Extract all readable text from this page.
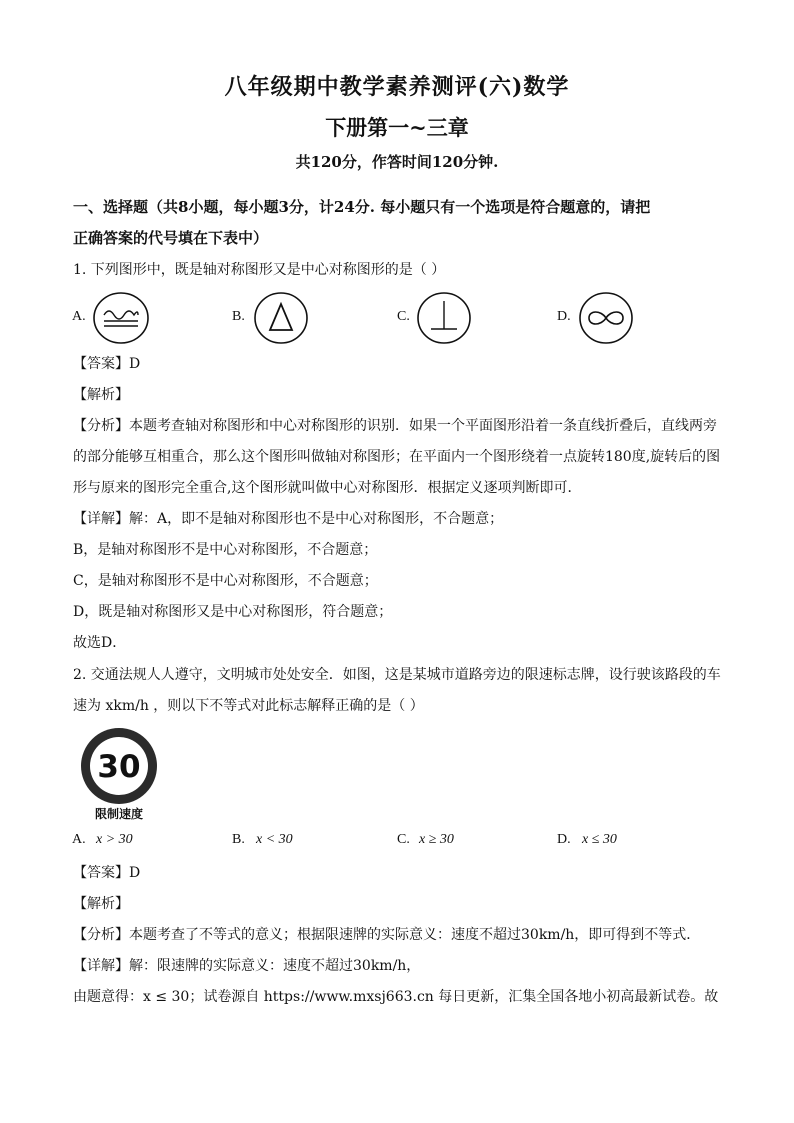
八年级期中教学素养测评(六)数学
下册第一~三章
共120分，作答时间120分钟.
一、选择题（共8小题，每小题3分，计24分. 每小题只有一个选项是符合题意的，请把
正确答案的代号填在下表中）
1. 下列图形中，既是轴对称图形又是中心对称图形的是（ ）
A.	B.	C.	D.
【答案】D
【解析】
【分析】本题考查轴对称图形和中心对称图形的识别．如果一个平面图形沿着一条直线折叠后，直线两旁
的部分能够互相重合，那么这个图形叫做轴对称图形；在平面内一个图形绕着一点旋转180度,旋转后的图
形与原来的图形完全重合,这个图形就叫做中心对称图形．根据定义逐项判断即可．
【详解】解：A，即不是轴对称图形也不是中心对称图形，不合题意；
B，是轴对称图形不是中心对称图形，不合题意；
C，是轴对称图形不是中心对称图形，不合题意；
D，既是轴对称图形又是中心对称图形，符合题意；
故选D．
2. 交通法规人人遵守，文明城市处处安全．如图，这是某城市道路旁边的限速标志牌，设行驶该路段的车
速为 xkm/h ，则以下不等式对此标志解释正确的是（ ）
30
限制速度
A. x > 30	B. x < 30	C. x ≥ 30	D. x ≤ 30
【答案】D
【解析】
【分析】本题考查了不等式的意义；根据限速牌的实际意义：速度不超过30km/h，即可得到不等式．
【详解】解：限速牌的实际意义：速度不超过30km/h，
由题意得：x ≤ 30；试卷源自 https://www.mxsj663.cn 每日更新，汇集全国各地小初高最新试卷。故
